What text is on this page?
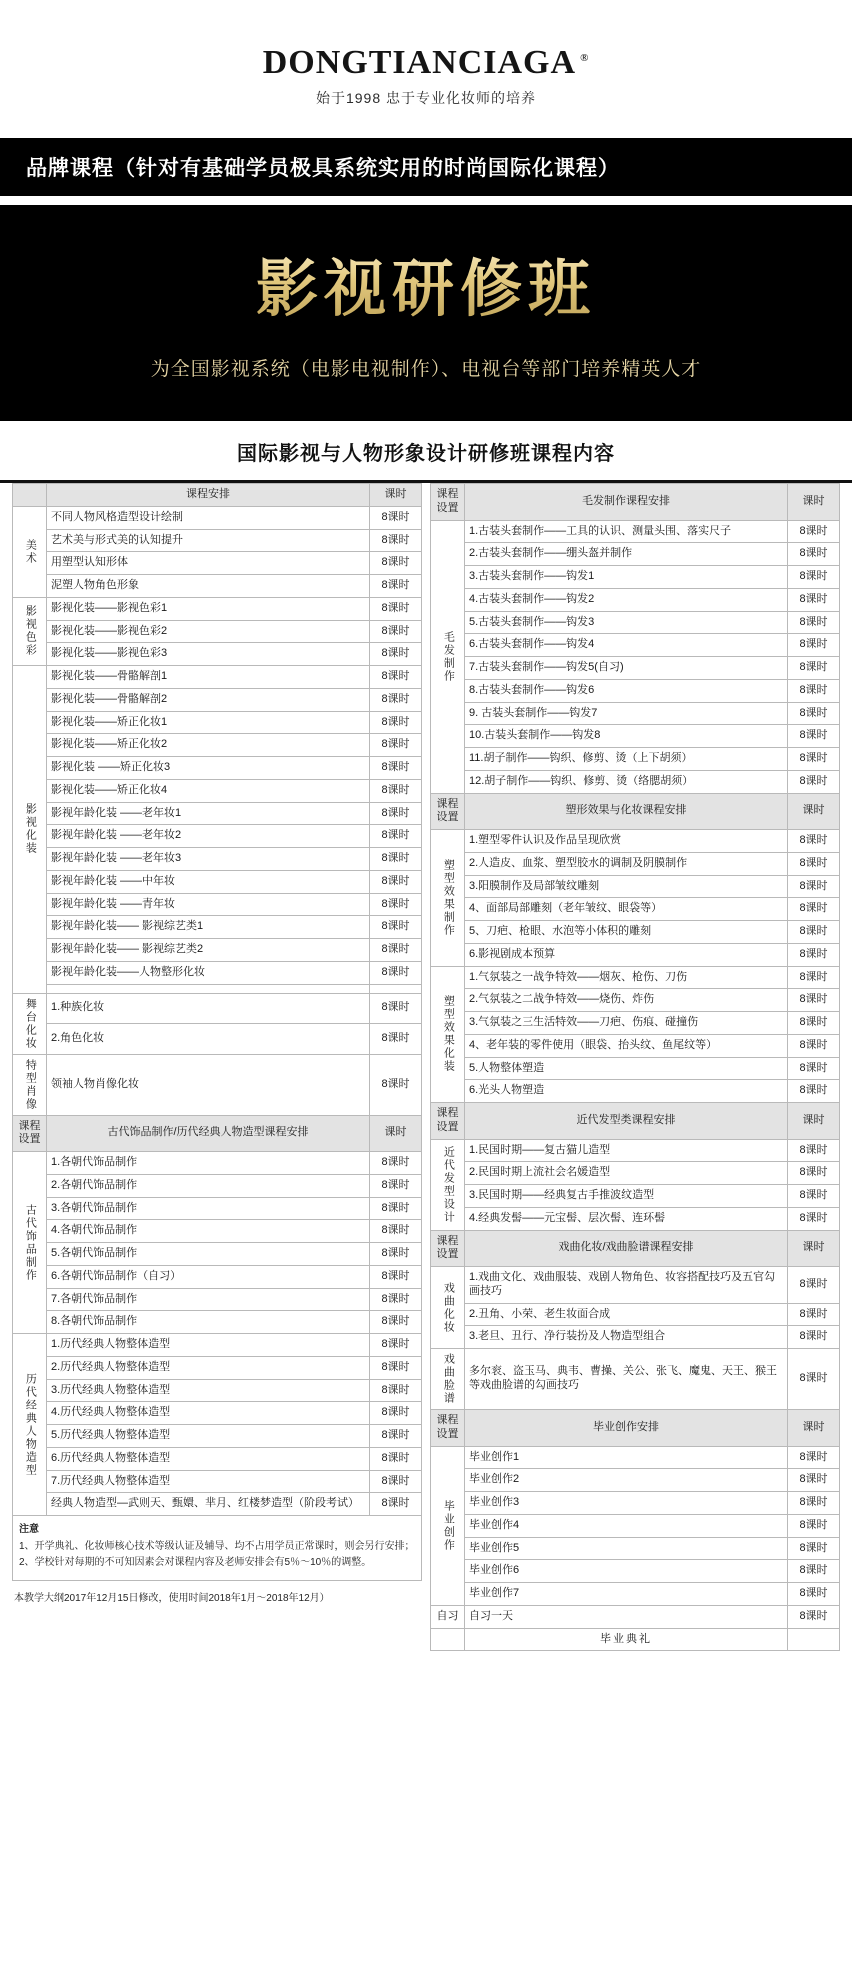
DONGTIANCIAGA ®
始于1998 忠于专业化妆师的培养
品牌课程（针对有基础学员极具系统实用的时尚国际化课程）
影视研修班
为全国影视系统（电影电视制作）、电视台等部门培养精英人才
国际影视与人物形象设计研修班课程内容
	课程安排	课时
美术	不同人物风格造型设计绘制	8课时
	艺术美与形式美的认知提升	8课时
	用塑型认知形体	8课时
	泥塑人物角色形象	8课时
影视色彩	影视化装——影视色彩1	8课时
	影视化装——影视色彩2	8课时
	影视化装——影视色彩3	8课时
影视化装	影视化装——骨骼解剖1	8课时
	影视化装——骨骼解剖2	8课时
	影视化装——矫正化妆1	8课时
	影视化装——矫正化妆2	8课时
	影视化装 ——矫正化妆3	8课时
	影视化装——矫正化妆4	8课时
	影视年龄化装 ——老年妆1	8课时
	影视年龄化装 ——老年妆2	8课时
	影视年龄化装 ——老年妆3	8课时
	影视年龄化装 ——中年妆	8课时
	影视年龄化装 ——青年妆	8课时
	影视年龄化装—— 影视综艺类1	8课时
	影视年龄化装—— 影视综艺类2	8课时
	影视年龄化装——人物整形化妆	8课时

舞台化妆	1.种族化妆	8课时
	2.角色化妆	8课时
特型肖像	领袖人物肖像化妆	8课时
课程设置	古代饰品制作/历代经典人物造型课程安排	课时
古代饰品制作	1.各朝代饰品制作	8课时
	2.各朝代饰品制作	8课时
	3.各朝代饰品制作	8课时
	4.各朝代饰品制作	8课时
	5.各朝代饰品制作	8课时
	6.各朝代饰品制作（自习）	8课时
	7.各朝代饰品制作	8课时
	8.各朝代饰品制作	8课时
历代经典人物造型	1.历代经典人物整体造型	8课时
	2.历代经典人物整体造型	8课时
	3.历代经典人物整体造型	8课时
	4.历代经典人物整体造型	8课时
	5.历代经典人物整体造型	8课时
	6.历代经典人物整体造型	8课时
	7.历代经典人物整体造型	8课时
	经典人物造型—武则天、甄嬛、芈月、红楼梦造型（阶段考试）	8课时
注意
1、开学典礼、化妆师核心技术等级认证及辅导、均不占用学员正常课时，则会另行安排；
2、学校针对每期的不可知因素会对课程内容及老师安排会有5％～10％的调整。
本教学大纲2017年12月15日修改，使用时间2018年1月～2018年12月）
课程设置	毛发制作课程安排	课时
毛发制作	1.古装头套制作——工具的认识、测量头围、落实尺子	8课时
	2.古装头套制作——绷头盔并制作	8课时
	3.古装头套制作——钩发1	8课时
	4.古装头套制作——钩发2	8课时
	5.古装头套制作——钩发3	8课时
	6.古装头套制作——钩发4	8课时
	7.古装头套制作——钩发5(自习)	8课时
	8.古装头套制作——钩发6	8课时
	9. 古装头套制作——钩发7	8课时
	10.古装头套制作——钩发8	8课时
	11.胡子制作——钩织、修剪、烫（上下胡须）	8课时
	12.胡子制作——钩织、修剪、烫（络腮胡须）	8课时
课程设置	塑形效果与化妆课程安排	课时
塑型效果制作	1.塑型零件认识及作品呈现欣赏	8课时
	2.人造皮、血浆、塑型胶水的调制及阴膜制作	8课时
	3.阳膜制作及局部皱纹雕刻	8课时
	4、面部局部雕刻（老年皱纹、眼袋等）	8课时
	5、刀疤、枪眼、水泡等小体积的雕刻	8课时
	6.影视剧成本预算	8课时
塑型效果化装	1.气氛装之一战争特效——烟灰、枪伤、刀伤	8课时
	2.气氛装之二战争特效——烧伤、炸伤	8课时
	3.气氛装之三生活特效——刀疤、伤痕、碰撞伤	8课时
	4、老年装的零件使用（眼袋、抬头纹、鱼尾纹等）	8课时
	5.人物整体塑造	8课时
	6.光头人物塑造	8课时
课程设置	近代发型类课程安排	课时
近代发型设计	1.民国时期——复古猫儿造型	8课时
	2.民国时期上流社会名媛造型	8课时
	3.民国时期——经典复古手推波纹造型	8课时
	4.经典发髻——元宝髻、层次髻、连环髻	8课时
课程设置	戏曲化妆/戏曲脸谱课程安排	课时
戏曲化妆	1.戏曲文化、戏曲服装、戏剧人物角色、妆容搭配技巧及五官勾画技巧	8课时
	2.丑角、小荣、老生妆面合成	8课时
	3.老旦、丑行、净行装扮及人物造型组合	8课时
戏曲脸谱	多尔衮、盗玉马、典韦、曹操、关公、张飞、魔鬼、天王、猴王等戏曲脸谱的勾画技巧	8课时
课程设置	毕业创作安排	课时
毕业创作	毕业创作1	8课时
	毕业创作2	8课时
	毕业创作3	8课时
	毕业创作4	8课时
	毕业创作5	8课时
	毕业创作6	8课时
	毕业创作7	8课时
自习	自习一天	8课时
	毕业典礼	
